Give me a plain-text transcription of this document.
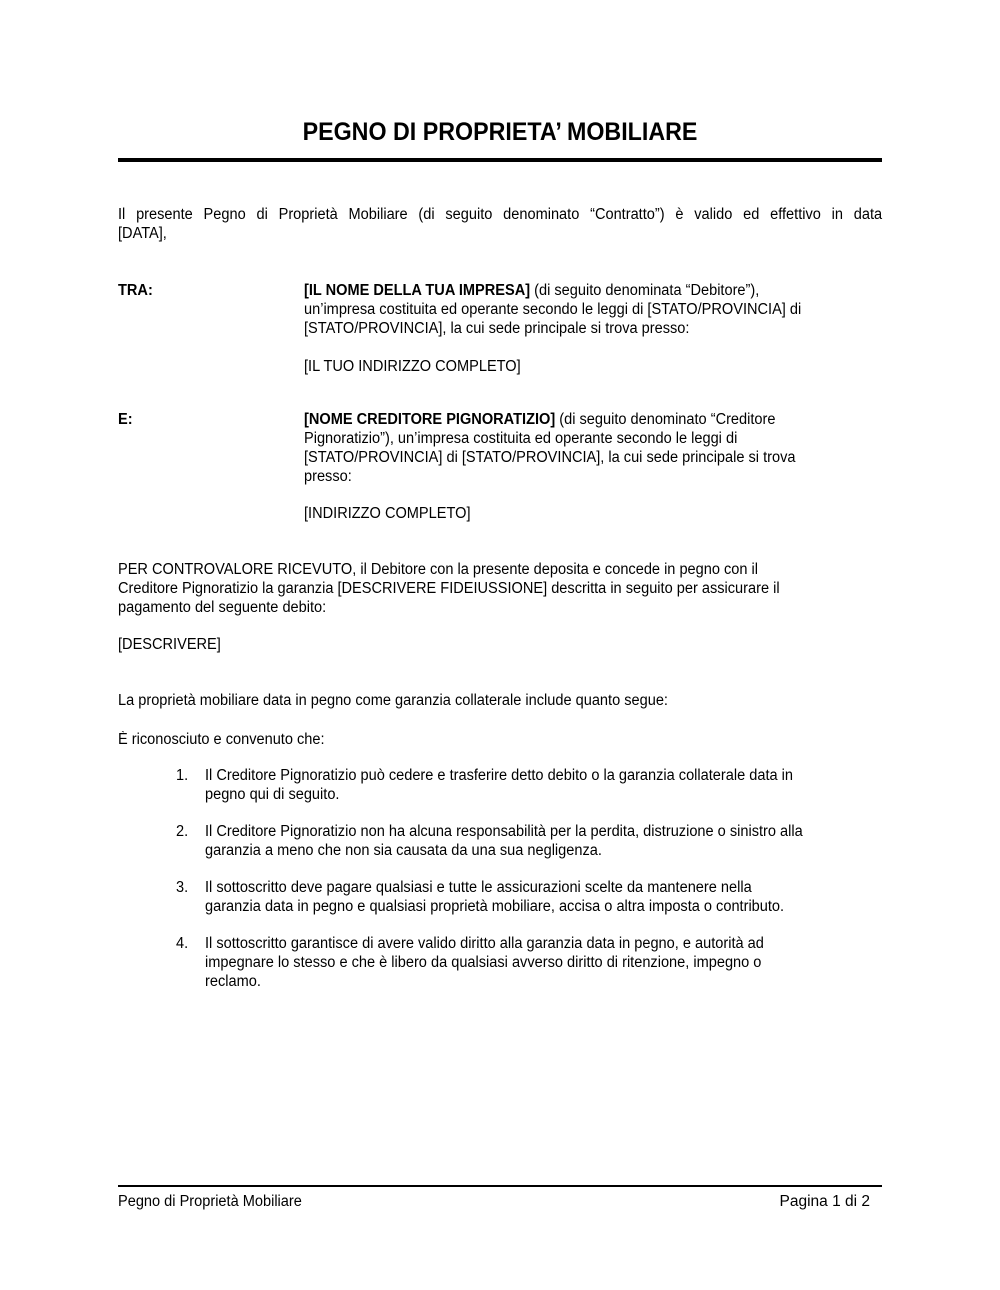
PEGNO DI PROPRIETA’ MOBILIARE
Il presente Pegno di Proprietà Mobiliare (di seguito denominato “Contratto”) è valido ed effettivo in data
[DATA],
TRA:	[IL NOME DELLA TUA IMPRESA] (di seguito denominata “Debitore”),
un’impresa costituita ed operante secondo le leggi di [STATO/PROVINCIA] di
[STATO/PROVINCIA], la cui sede principale si trova presso:
[IL TUO INDIRIZZO COMPLETO]
E:	[NOME CREDITORE PIGNORATIZIO] (di seguito denominato “Creditore
Pignoratizio”), un’impresa costituita ed operante secondo le leggi di
[STATO/PROVINCIA] di [STATO/PROVINCIA], la cui sede principale si trova
presso:
[INDIRIZZO COMPLETO]
PER CONTROVALORE RICEVUTO, il Debitore con la presente deposita e concede in pegno con il
Creditore Pignoratizio la garanzia [DESCRIVERE FIDEIUSSIONE] descritta in seguito per assicurare il
pagamento del seguente debito:
[DESCRIVERE]
La proprietà mobiliare data in pegno come garanzia collaterale include quanto segue:
È riconosciuto e convenuto che:
1. Il Creditore Pignoratizio può cedere e trasferire detto debito o la garanzia collaterale data in
pegno qui di seguito.
2. Il Creditore Pignoratizio non ha alcuna responsabilità per la perdita, distruzione o sinistro alla
garanzia a meno che non sia causata da una sua negligenza.
3. Il sottoscritto deve pagare qualsiasi e tutte le assicurazioni scelte da mantenere nella
garanzia data in pegno e qualsiasi proprietà mobiliare, accisa o altra imposta o contributo.
4. Il sottoscritto garantisce di avere valido diritto alla garanzia data in pegno, e autorità ad
impegnare lo stesso e che è libero da qualsiasi avverso diritto di ritenzione, impegno o
reclamo.
Pegno di Proprietà Mobiliare	Pagina 1 di 2
